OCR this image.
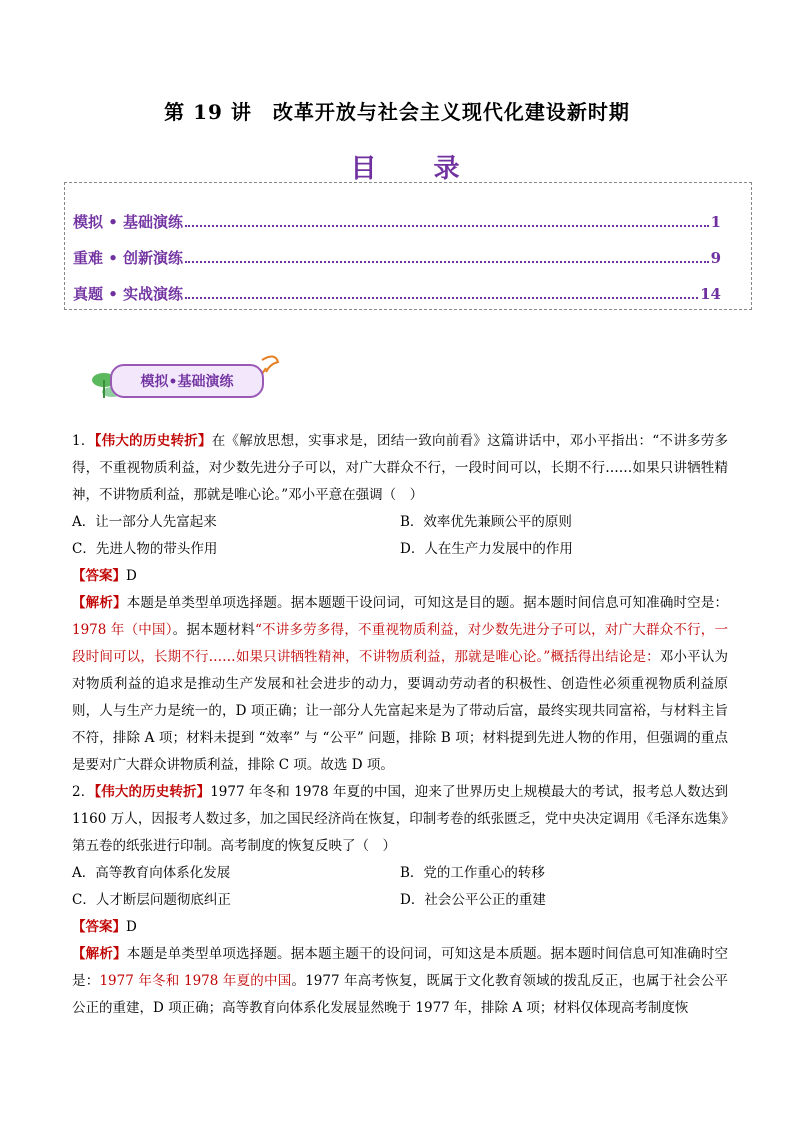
第 19 讲　改革开放与社会主义现代化建设新时期
目 录
模拟 • 基础演练	1
重难 • 创新演练	9
真题 • 实战演练	14
模拟•基础演练

1．【伟大的历史转折】在《解放思想，实事求是，团结一致向前看》这篇讲话中，邓小平指出：“不讲多劳多得，不重视物质利益，对少数先进分子可以，对广大群众不行，一段时间可以，长期不行……如果只讲牺牲精神，不讲物质利益，那就是唯心论。”邓小平意在强调（　）

A．让一部分人先富起来	B．效率优先兼顾公平的原则
C．先进人物的带头作用	D．人在生产力发展中的作用

【答案】D

【解析】本题是单类型单项选择题。据本题题干设问词，可知这是目的题。据本题时间信息可知准确时空是：1978 年（中国）。据本题材料“不讲多劳多得，不重视物质利益，对少数先进分子可以，对广大群众不行，一段时间可以，长期不行……如果只讲牺牲精神，不讲物质利益，那就是唯心论。”概括得出结论是：邓小平认为对物质利益的追求是推动生产发展和社会进步的动力，要调动劳动者的积极性、创造性必须重视物质利益原则，人与生产力是统一的，D 项正确；让一部分人先富起来是为了带动后富，最终实现共同富裕，与材料主旨不符，排除 A 项；材料未提到 “效率” 与 “公平” 问题，排除 B 项；材料提到先进人物的作用，但强调的重点是要对广大群众讲物质利益，排除 C 项。故选 D 项。

2．【伟大的历史转折】1977 年冬和 1978 年夏的中国，迎来了世界历史上规模最大的考试，报考总人数达到 1160 万人，因报考人数过多，加之国民经济尚在恢复，印制考卷的纸张匮乏，党中央决定调用《毛泽东选集》第五卷的纸张进行印制。高考制度的恢复反映了（　）

A．高等教育向体系化发展	B．党的工作重心的转移
C．人才断层问题彻底纠正	D．社会公平公正的重建

【答案】D

【解析】本题是单类型单项选择题。据本题主题干的设问词，可知这是本质题。据本题时间信息可知准确时空是：1977 年冬和 1978 年夏的中国。1977 年高考恢复，既属于文化教育领域的拨乱反正，也属于社会公平公正的重建，D 项正确；高等教育向体系化发展显然晚于 1977 年，排除 A 项；材料仅体现高考制度恢
